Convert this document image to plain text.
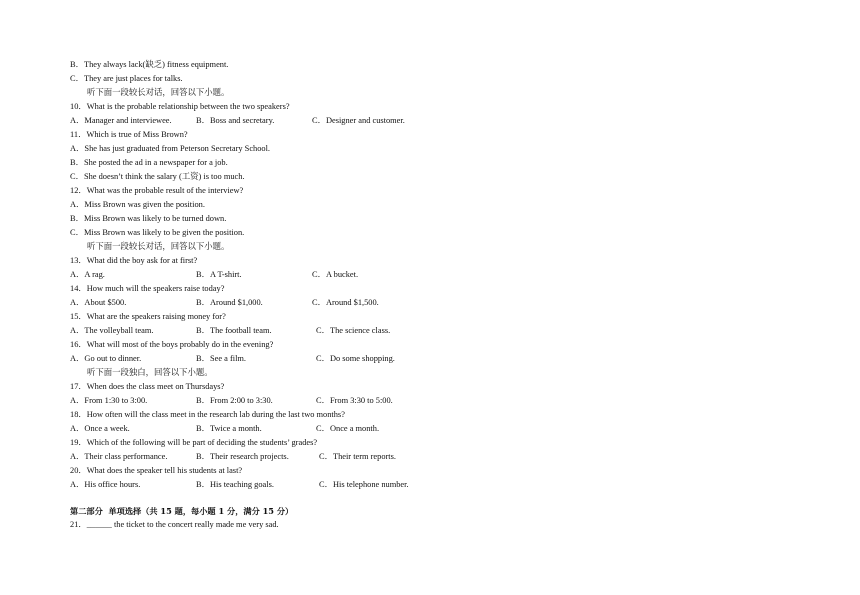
B．They always lack(缺乏) fitness equipment.
C．They are just places for talks.
听下面一段较长对话，回答以下小题。
10．What is the probable relationship between the two speakers?
A．Manager and interviewee.	B．Boss and secretary.	C．Designer and customer.
11．Which is true of Miss Brown?
A．She has just graduated from Peterson Secretary School.
B．She posted the ad in a newspaper for a job.
C．She doesn’t think the salary (工资) is too much.
12．What was the probable result of the interview?
A．Miss Brown was given the position.
B．Miss Brown was likely to be turned down.
C．Miss Brown was likely to be given the position.
听下面一段较长对话，回答以下小题。
13．What did the boy ask for at first?
A．A rag.	B．A T-shirt.	C．A bucket.
14．How much will the speakers raise today?
A．About $500.	B．Around $1,000.	C．Around $1,500.
15．What are the speakers raising money for?
A．The volleyball team.	B．The football team.	C．The science class.
16．What will most of the boys probably do in the evening?
A．Go out to dinner.	B．See a film.	C．Do some shopping.
听下面一段独白，回答以下小题。
17．When does the class meet on Thursdays?
A．From 1:30 to 3:00.	B．From 2:00 to 3:30.	C．From 3:30 to 5:00.
18．How often will the class meet in the research lab during the last two months?
A．Once a week.	B．Twice a month.	C．Once a month.
19．Which of the following will be part of deciding the students’ grades?
A．Their class performance.	B．Their research projects.	C．Their term reports.
20．What does the speaker tell his students at last?
A．His office hours.	B．His teaching goals.	C．His telephone number.
第二部分  单项选择（共 15 题，每小题 1 分，满分 15 分）
21．______ the ticket to the concert really made me very sad.
